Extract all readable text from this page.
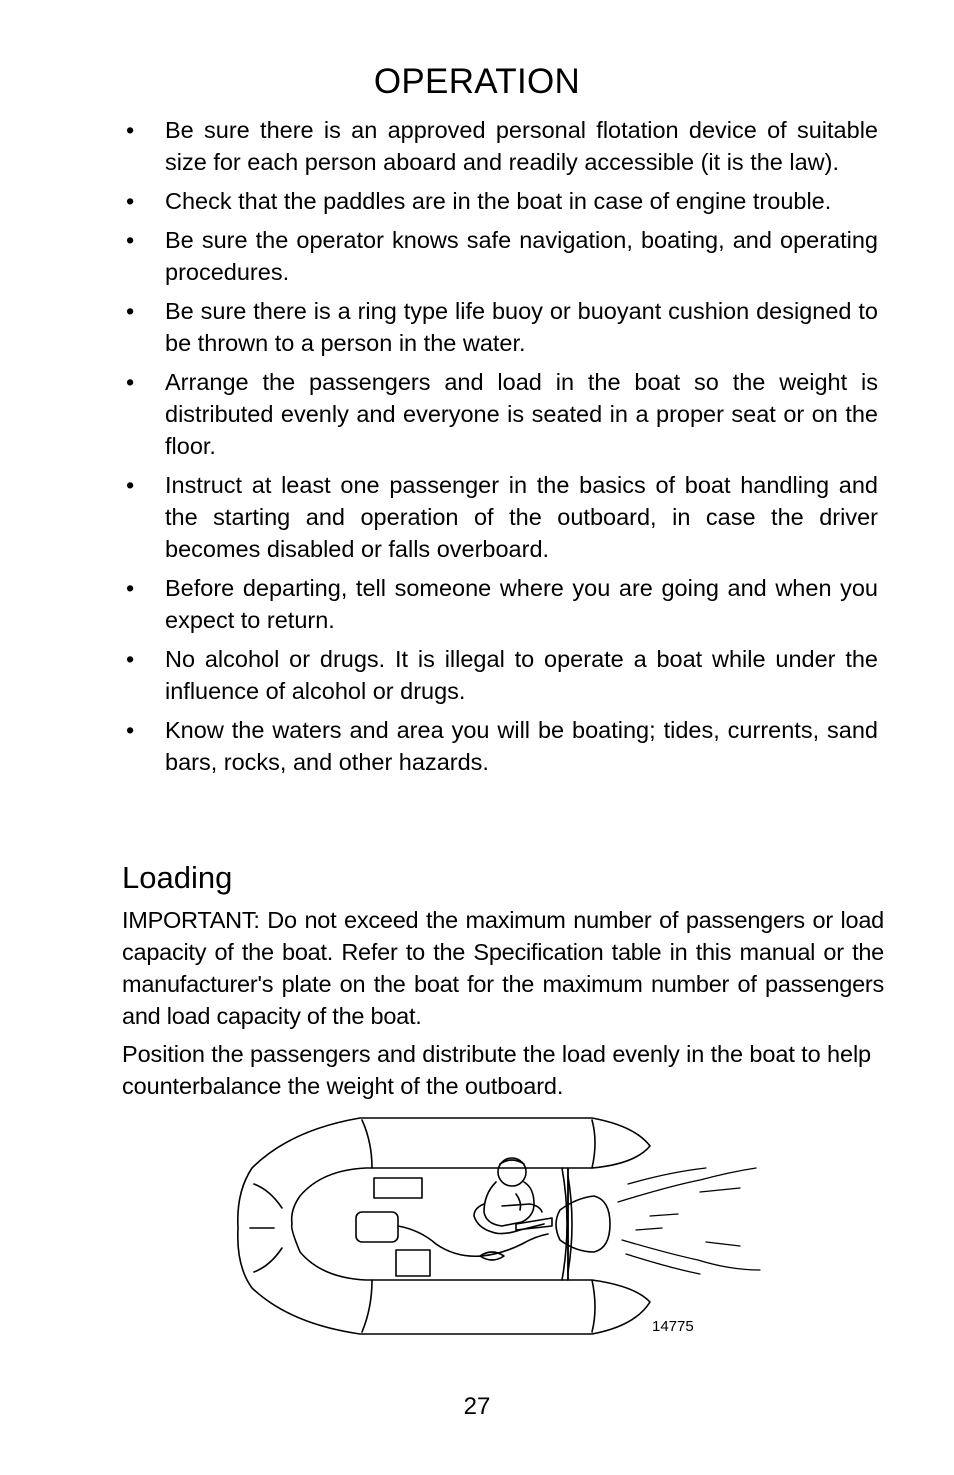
OPERATION
•	Be sure there is an approved personal flotation device of suitable size for each person aboard and readily accessible (it is the law).
•	Check that the paddles are in the boat in case of engine trouble.
•	Be sure the operator knows safe navigation, boating, and operating procedures.
•	Be sure there is a ring type life buoy or buoyant cushion designed to be thrown to a person in the water.
•	Arrange the passengers and load in the boat so the weight is distributed evenly and everyone is seated in a proper seat or on the floor.
•	Instruct at least one passenger in the basics of boat handling and the starting and operation of the outboard, in case the driver becomes disabled or falls overboard.
•	Before departing, tell someone where you are going and when you expect to return.
•	No alcohol or drugs. It is illegal to operate a boat while under the influence of alcohol or drugs.
•	Know the waters and area you will be boating; tides, currents, sand bars, rocks, and other hazards.
Loading
IMPORTANT: Do not exceed the maximum number of passengers or load capacity of the boat. Refer to the Specification table in this manual or the manufacturer's plate on the boat for the maximum number of passengers and load capacity of the boat.
Position the passengers and distribute the load evenly in the boat to help counterbalance the weight of the outboard.
14775
27
